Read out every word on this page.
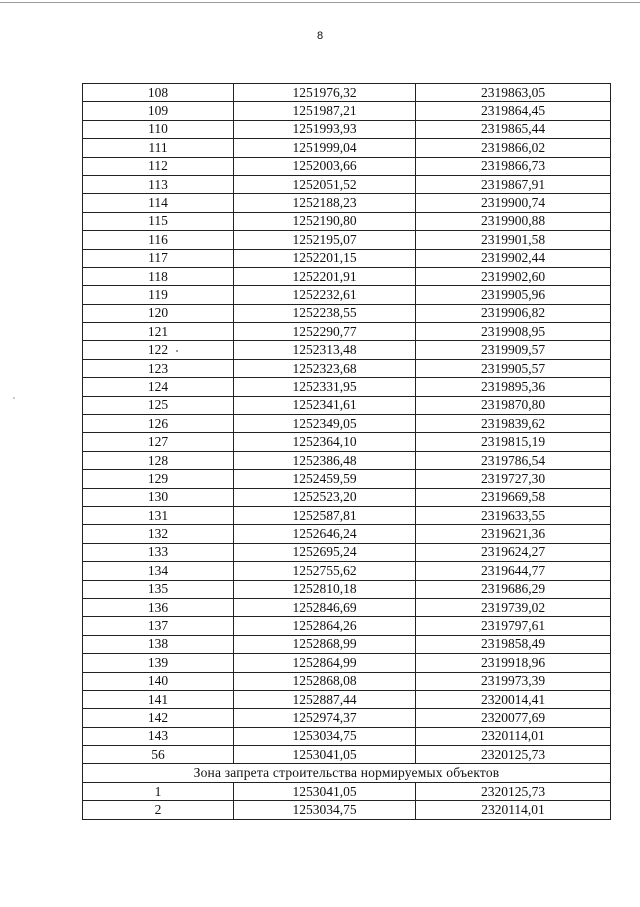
8
108	1251976,32	2319863,05
109	1251987,21	2319864,45
110	1251993,93	2319865,44
111	1251999,04	2319866,02
112	1252003,66	2319866,73
113	1252051,52	2319867,91
114	1252188,23	2319900,74
115	1252190,80	2319900,88
116	1252195,07	2319901,58
117	1252201,15	2319902,44
118	1252201,91	2319902,60
119	1252232,61	2319905,96
120	1252238,55	2319906,82
121	1252290,77	2319908,95
122	1252313,48	2319909,57
123	1252323,68	2319905,57
124	1252331,95	2319895,36
125	1252341,61	2319870,80
126	1252349,05	2319839,62
127	1252364,10	2319815,19
128	1252386,48	2319786,54
129	1252459,59	2319727,30
130	1252523,20	2319669,58
131	1252587,81	2319633,55
132	1252646,24	2319621,36
133	1252695,24	2319624,27
134	1252755,62	2319644,77
135	1252810,18	2319686,29
136	1252846,69	2319739,02
137	1252864,26	2319797,61
138	1252868,99	2319858,49
139	1252864,99	2319918,96
140	1252868,08	2319973,39
141	1252887,44	2320014,41
142	1252974,37	2320077,69
143	1253034,75	2320114,01
56	1253041,05	2320125,73
Зона запрета строительства нормируемых объектов		
1	1253041,05	2320125,73
2	1253034,75	2320114,01
